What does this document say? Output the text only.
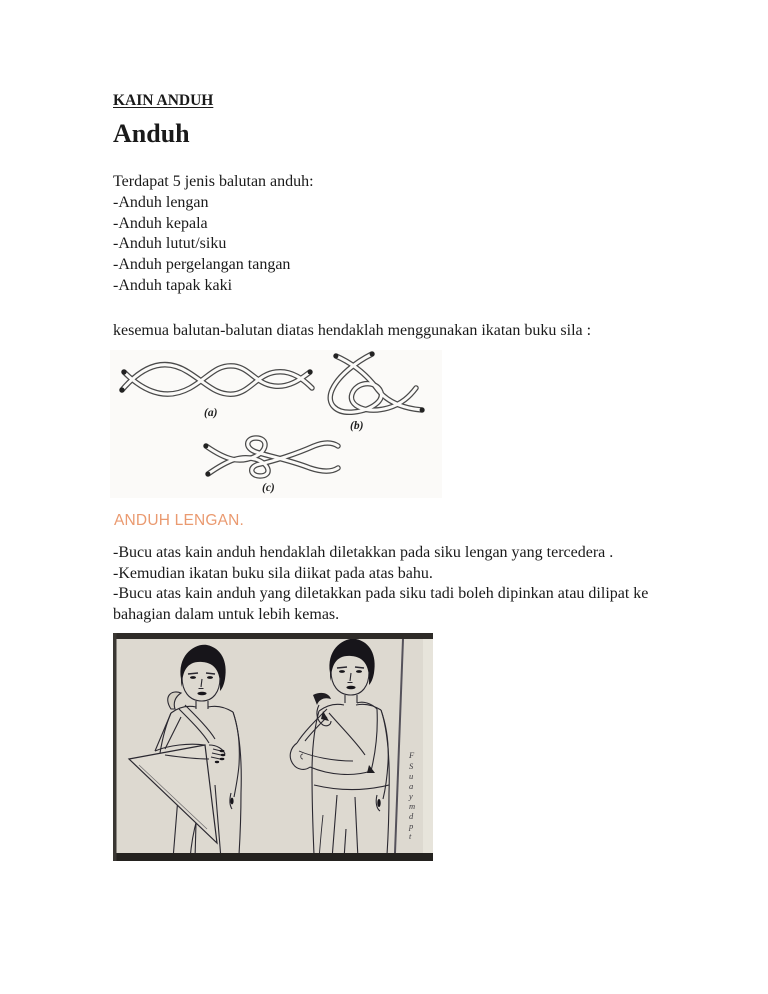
KAIN ANDUH
Anduh
Terdapat 5 jenis balutan anduh:
-Anduh lengan
-Anduh kepala
-Anduh lutut/siku
-Anduh pergelangan tangan
-Anduh tapak kaki
kesemua balutan-balutan diatas hendaklah menggunakan ikatan buku sila :
(a)
(b)
(c)
ANDUH LENGAN.
-Bucu atas kain anduh hendaklah diletakkan pada siku lengan yang tercedera .
-Kemudian ikatan buku sila diikat pada atas bahu.
-Bucu atas kain anduh yang diletakkan pada siku tadi boleh dipinkan atau dilipat ke bahagian dalam untuk lebih kemas.
F
S
u
a
y
m
d
p
t
